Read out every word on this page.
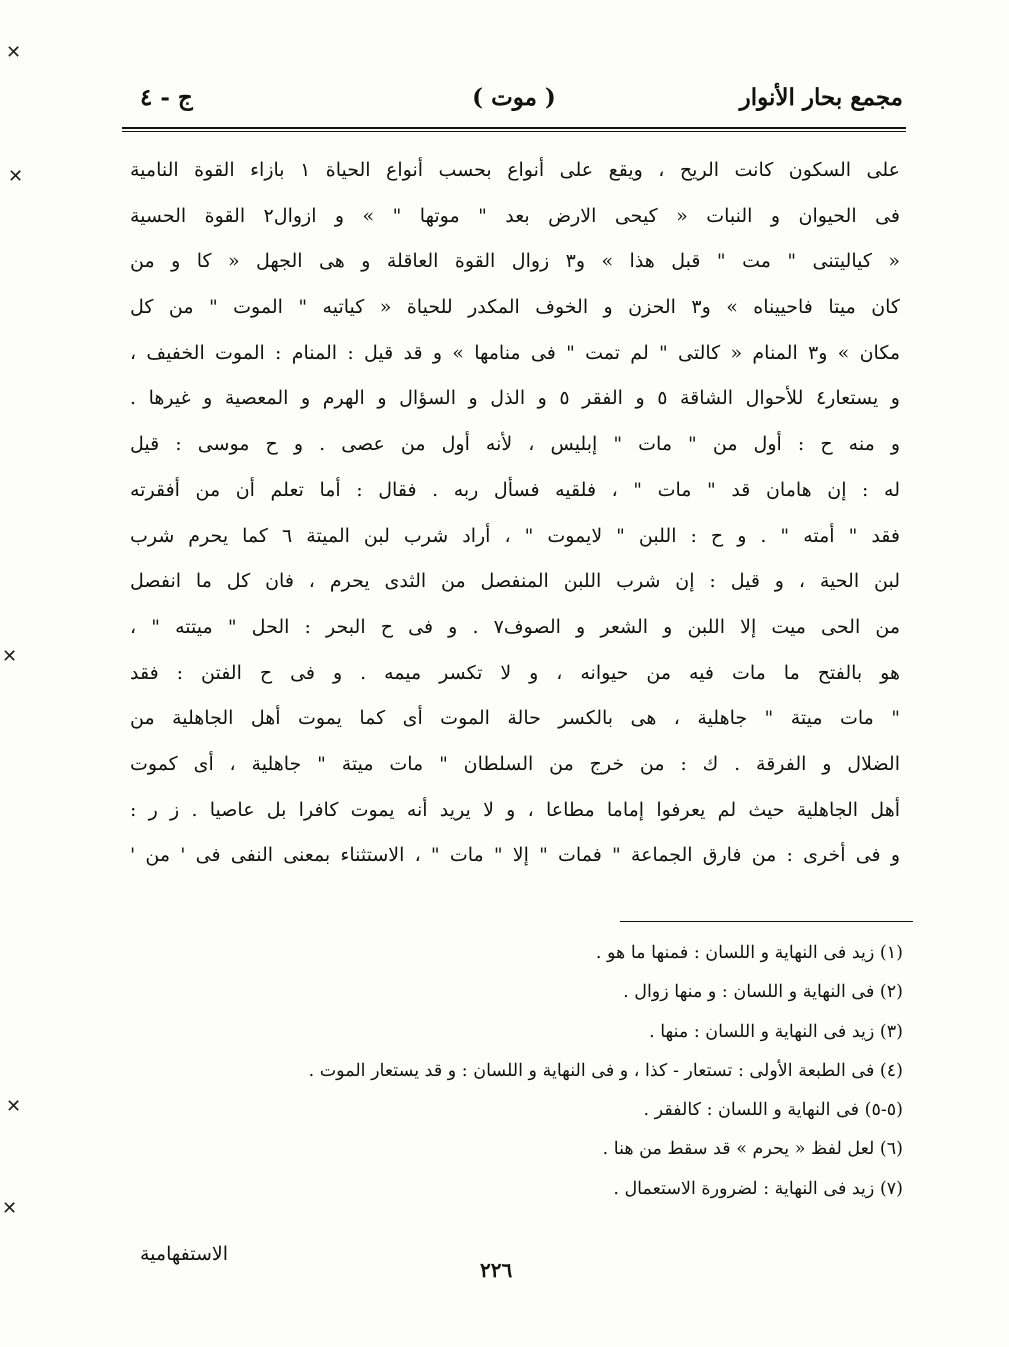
مجمع بحار الأنوار
( موت )
ج - ٤
على السكون كانت الريح ، ويقع على أنواع بحسب أنواع الحياة ١ بازاء القوة النامية
فى الحيوان و النبات « كيحى الارض بعد " موتها " » و ازوال٢ القوة الحسية
« كياليتنى " مت " قبل هذا » و٣ زوال القوة العاقلة و هى الجهل « كا و من
كان ميتا فاحييناه » و٣ الحزن و الخوف المكدر للحياة « كياتيه " الموت " من كل
مكان » و٣ المنام « كالتى " لم تمت " فى منامها » و قد قيل : المنام : الموت الخفيف ،
و يستعار٤ للأحوال الشاقة ٥ و الفقر ٥ و الذل و السؤال و الهرم و المعصية و غيرها .
و منه ح : أول من " مات " إبليس ، لأنه أول من عصى . و ح موسى : قيل
له : إن هامان قد " مات " ، فلقيه فسأل ربه . فقال : أما تعلم أن من أفقرته
فقد " أمته " . و ح : اللبن " لايموت " ، أراد شرب لبن الميتة ٦ كما يحرم شرب
لبن الحية ، و قيل : إن شرب اللبن المنفصل من الثدى يحرم ، فان كل ما انفصل
من الحى ميت إلا اللبن و الشعر و الصوف٧ . و فى ح البحر : الحل " ميتته " ،
هو بالفتح ما مات فيه من حيوانه ، و لا تكسر ميمه . و فى ح الفتن : فقد
" مات ميتة " جاهلية ، هى بالكسر حالة الموت أى كما يموت أهل الجاهلية من
الضلال و الفرقة . ك : من خرج من السلطان " مات ميتة " جاهلية ، أى كموت
أهل الجاهلية حيث لم يعرفوا إماما مطاعا ، و لا يريد أنه يموت كافرا بل عاصيا . ز ر :
و فى أخرى : من فارق الجماعة " فمات " إلا " مات " ، الاستثناء بمعنى النفى فى ' من '
(١) زيد فى النهاية و اللسان : فمنها ما هو .
(٢) فى النهاية و اللسان : و منها زوال .
(٣) زيد فى النهاية و اللسان : منها .
(٤) فى الطبعة الأولى : تستعار - كذا ، و فى النهاية و اللسان : و قد يستعار الموت .
(٥-٥) فى النهاية و اللسان : كالفقر .
(٦) لعل لفظ « يحرم » قد سقط من هنا .
(٧) زيد فى النهاية : لضرورة الاستعمال .
الاستفهامية
٢٢٦
✕
✕
✕
✕
✕
